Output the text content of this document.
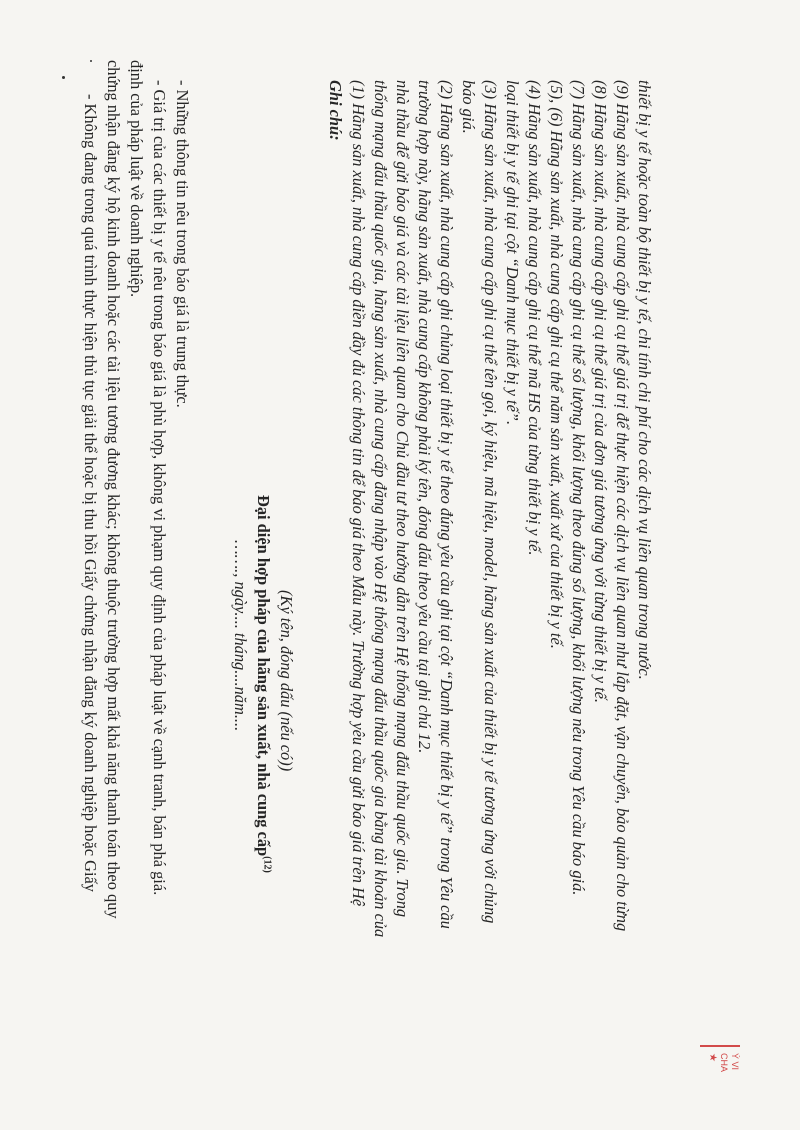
- Không đang trong quá trình thực hiện thủ tục giải thể hoặc bị thu hồi Giấy chứng nhận đăng ký doanh nghiệp hoặc Giấy chứng nhận đăng ký hộ kinh doanh hoặc các tài liệu tương đương khác; không thuộc trường hợp mất khả năng thanh toán theo quy định của pháp luật về doanh nghiệp. - Giá trị của các thiết bị y tế nêu trong báo giá là phù hợp, không vi phạm quy định của pháp luật về cạnh tranh, bán phá giá. - Những thông tin nêu trong báo giá là trung thực.
……., ngày.... tháng....năm.... Đại diện hợp pháp của hãng sản xuất, nhà cung cấp$^{(12)}$
(Ký tên, đóng dấu (nếu có))
Ghi chú: (1) Hãng sản xuất, nhà cung cấp điền đầy đủ các thông tin để báo giá theo Mẫu này. Trường hợp yêu cầu gửi báo giá trên Hệ thống mạng đấu thầu quốc gia, hãng sản xuất, nhà cung cấp đăng nhập vào Hệ thống mạng đấu thầu quốc gia bằng tài khoản của nhà thầu để gửi báo giá và các tài liệu liên quan cho Chủ đầu tư theo hướng dẫn trên Hệ thống mạng đấu thầu quốc gia. Trong trường hợp này, hãng sản xuất, nhà cung cấp không phải ký tên, đóng dấu theo yêu cầu tại ghi chú 12. (2) Hãng sản xuất, nhà cung cấp ghi chủng loại thiết bị y tế theo đúng yêu cầu ghi tại cột “Danh mục thiết bị y tế” trong Yêu cầu báo giá. (3) Hãng sản xuất, nhà cung cấp ghi cụ thể tên gọi, ký hiệu, mã hiệu, model, hãng sản xuất của thiết bị y tế tương ứng với chủng loại thiết bị y tế ghi tại cột “Danh mục thiết bị y tế”. (4) Hãng sản xuất, nhà cung cấp ghi cụ thể mã HS của từng thiết bị y tế. (5), (6) Hãng sản xuất, nhà cung cấp ghi cụ thể năm sản xuất, xuất xứ của thiết bị y tế. (7) Hãng sản xuất, nhà cung cấp ghi cụ thể số lượng, khối lượng theo đúng số lượng, khối lượng nêu trong Yêu cầu báo giá. (8) Hãng sản xuất, nhà cung cấp ghi cụ thể giá trị của đơn giá tương ứng với từng thiết bị y tế. (9) Hãng sản xuất, nhà cung cấp ghi cụ thể giá trị để thực hiện các dịch vụ liên quan như lắp đặt, vận chuyển, bảo quản cho từng thiết bị y tế hoặc toàn bộ thiết bị y tế, chi tính chi phí cho các dịch vụ liên quan trong nước.
Ý VI
CHA
★
